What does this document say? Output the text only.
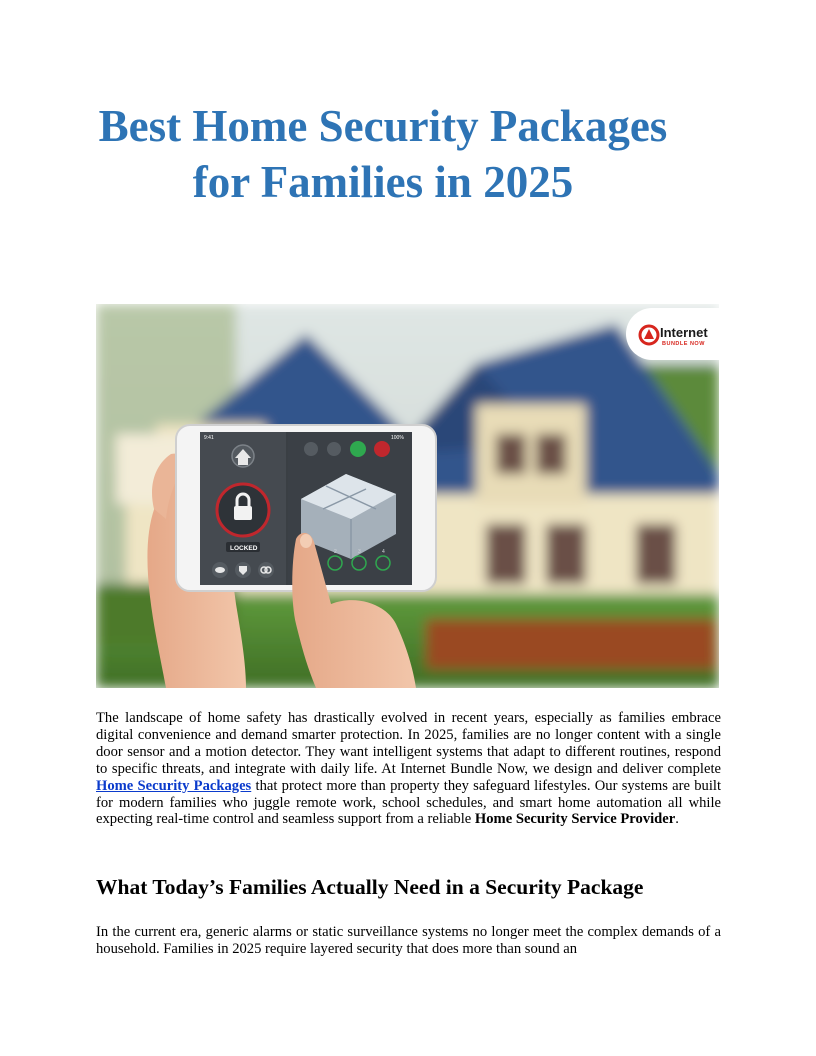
Best Home Security Packages for Families in 2025
Internet
BUNDLE NOW
9:41	100%
LOCKED	2	3	4

The landscape of home safety has drastically evolved in recent years, especially as families embrace digital convenience and demand smarter protection. In 2025, families are no longer content with a single door sensor and a motion detector. They want intelligent systems that adapt to different routines, respond to specific threats, and integrate with daily life. At Internet Bundle Now, we design and deliver complete Home Security Packages that protect more than property they safeguard lifestyles. Our systems are built for modern families who juggle remote work, school schedules, and smart home automation all while expecting real-time control and seamless support from a reliable Home Security Service Provider.

What Today’s Families Actually Need in a Security Package

In the current era, generic alarms or static surveillance systems no longer meet the complex demands of a household. Families in 2025 require layered security that does more than sound an
